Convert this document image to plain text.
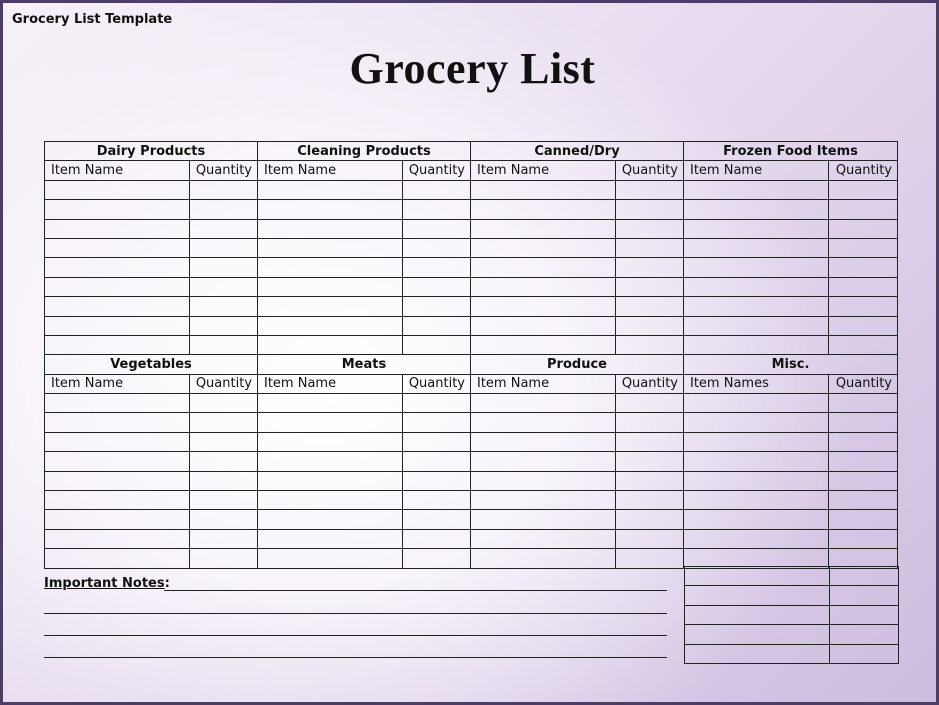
Grocery List Template
Grocery List
Dairy Products		Cleaning Products		Canned/Dry		Frozen Food Items	
Item Name	Quantity	Item Name	Quantity	Item Name	Quantity	Item Name	Quantity

Vegetables		Meats		Produce		Misc.	
Item Name	Quantity	Item Name	Quantity	Item Name	Quantity	Item Names	Quantity

Important Notes:
